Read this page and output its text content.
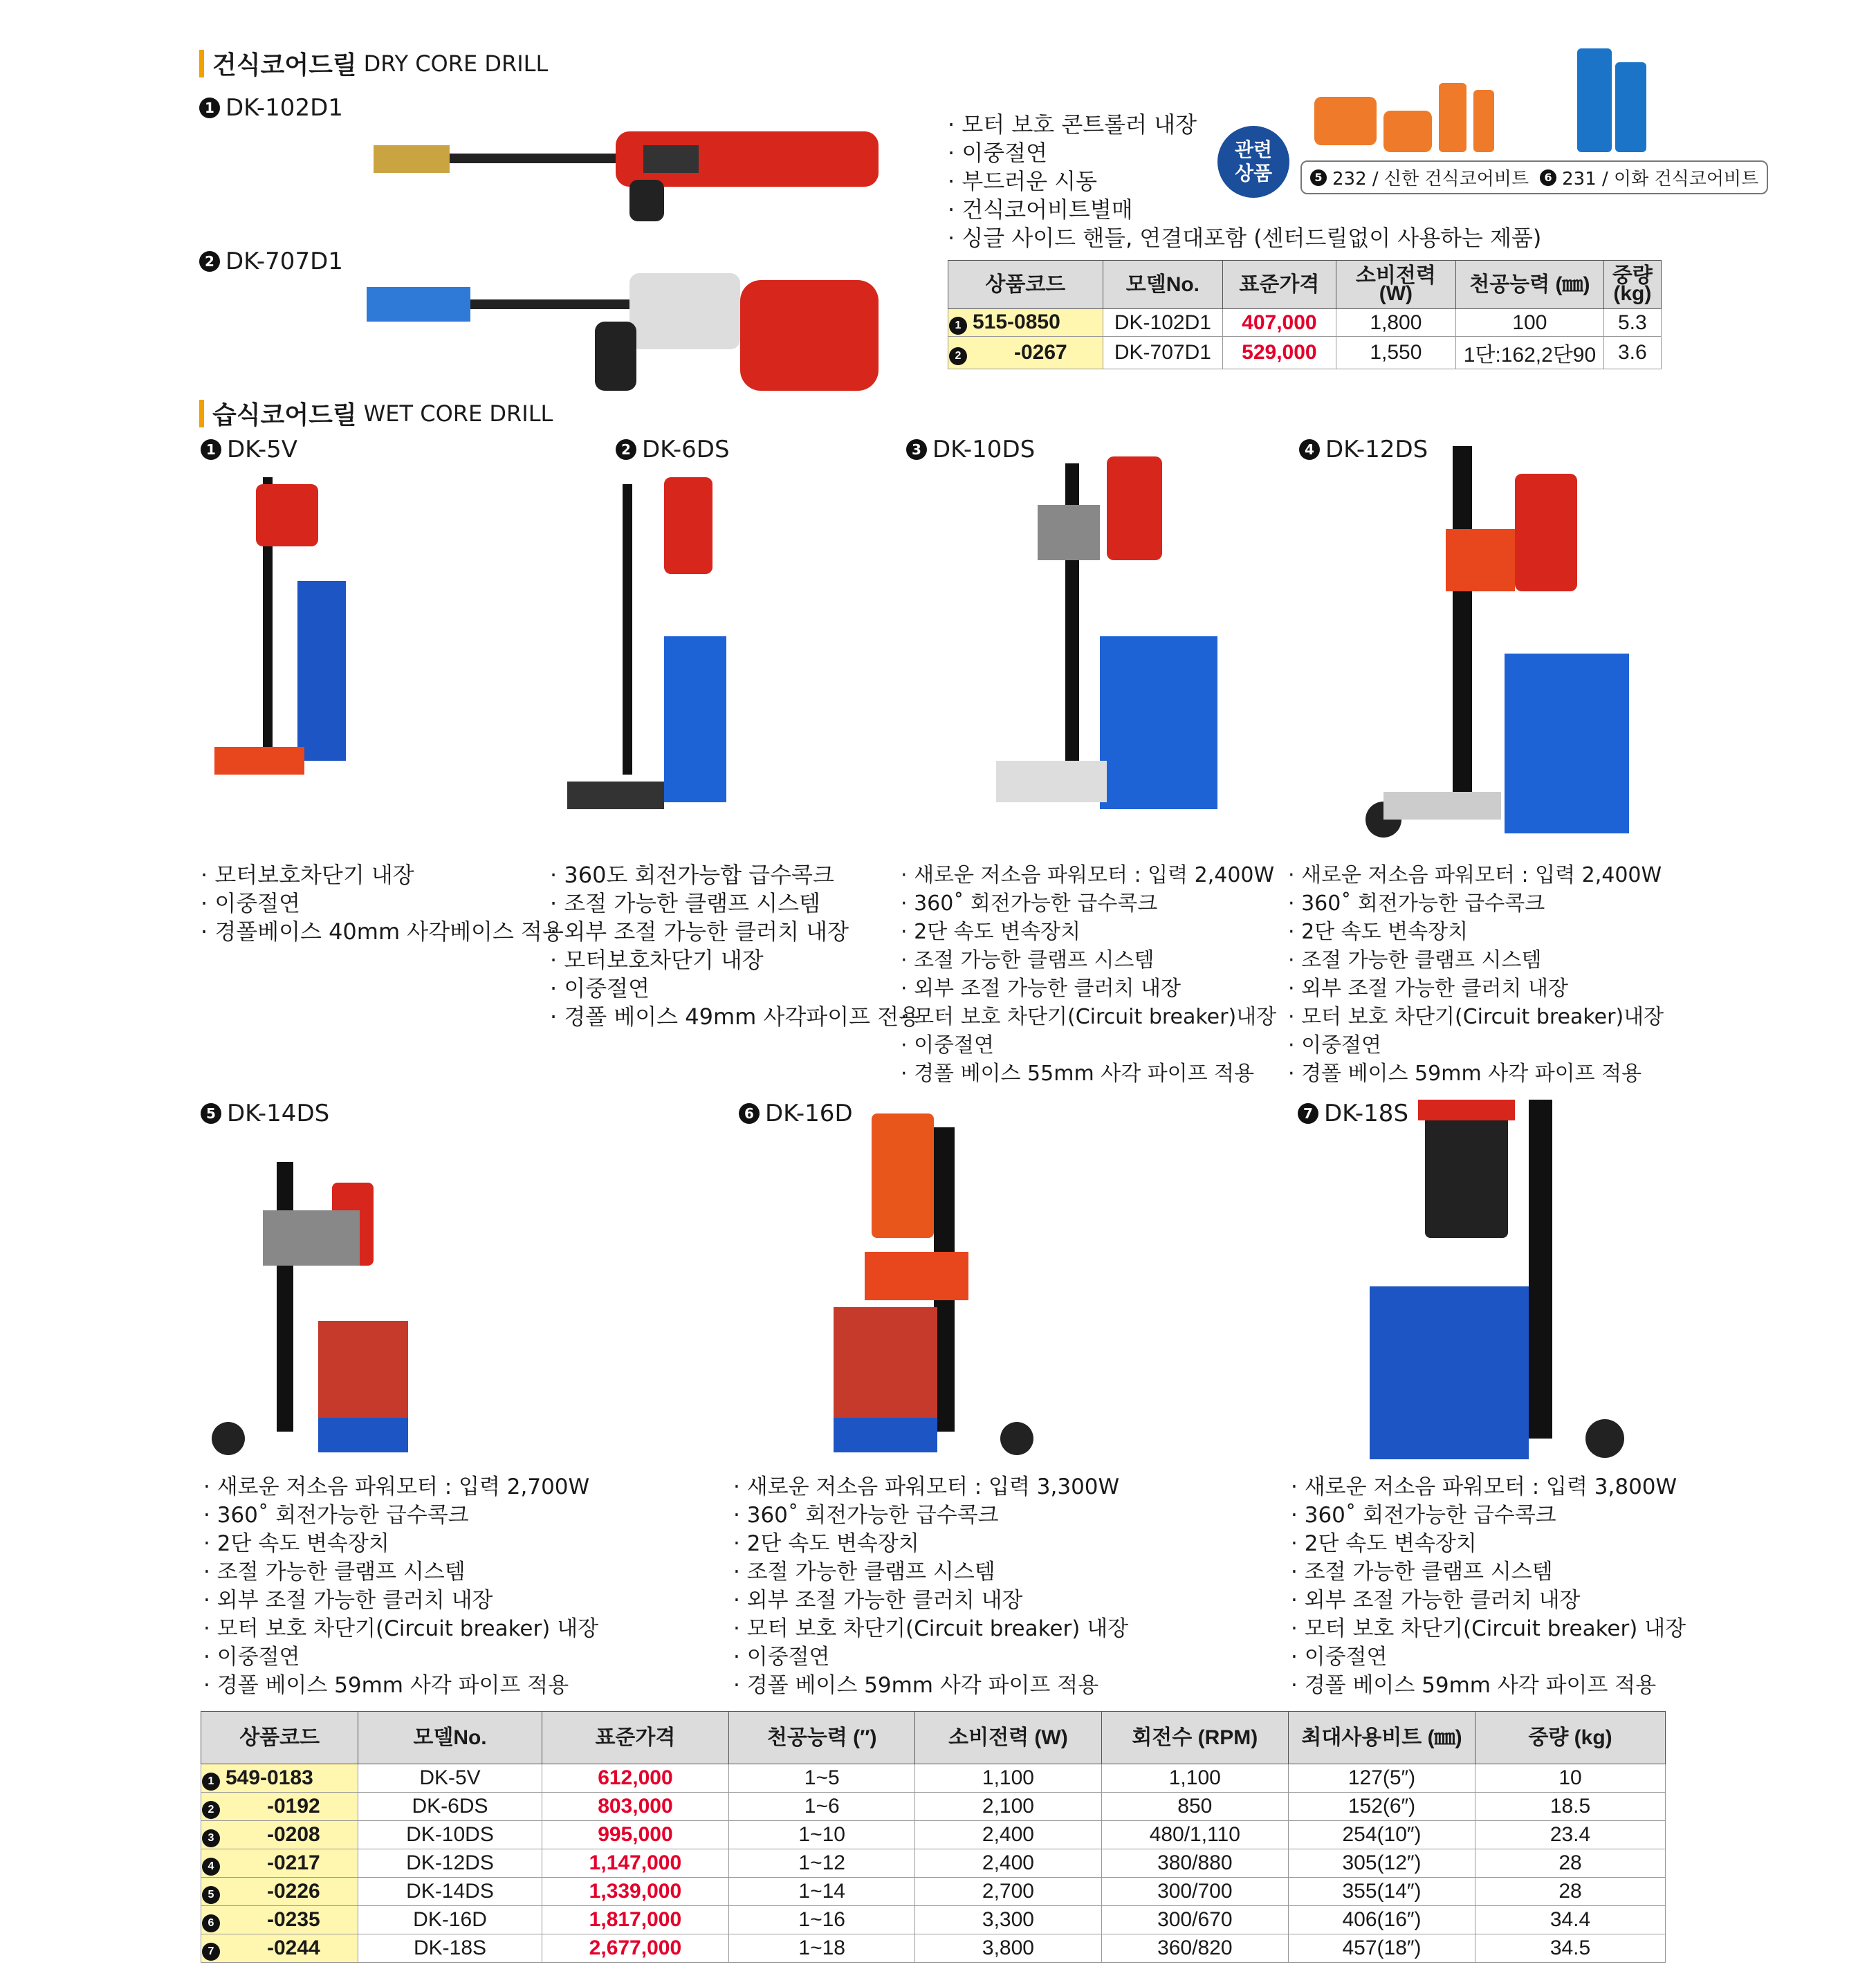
건식코어드릴 DRY CORE DRILL
1 DK-102D1
2 DK-707D1
· 모터 보호 콘트롤러 내장
· 이중절연
· 부드러운 시동
· 건식코어비트별매
· 싱글 사이드 핸들, 연결대포함 (센터드릴없이 사용하는 제품)
관련
상품	5 232 / 신한 건식코어비트	6 231 / 이화 건식코어비트
상품코드	모델No.	표준가격	소비전력 (W)	천공능력 (㎜)	중량 (kg)
1 515-0850	DK-102D1	407,000	1,800	100	5.3
2 -0267	DK-707D1	529,000	1,550	1단:162,2단90	3.6
습식코어드릴 WET CORE DRILL
1 DK-5V	2 DK-6DS	3 DK-10DS	4 DK-12DS
· 모터보호차단기 내장
· 이중절연
· 경폴베이스 40mm 사각베이스 적용
· 360도 회전가능합 급수콕크
· 조절 가능한 클램프 시스템
· 외부 조절 가능한 클러치 내장
· 모터보호차단기 내장
· 이중절연
· 경폴 베이스 49mm 사각파이프 전용
· 새로운 저소음 파워모터 : 입력 2,400W
· 360˚ 회전가능한 급수콕크
· 2단 속도 변속장치
· 조절 가능한 클램프 시스템
· 외부 조절 가능한 클러치 내장
· 모터 보호 차단기(Circuit breaker)내장
· 이중절연
· 경폴 베이스 55mm 사각 파이프 적용
· 새로운 저소음 파워모터 : 입력 2,400W
· 360˚ 회전가능한 급수콕크
· 2단 속도 변속장치
· 조절 가능한 클램프 시스템
· 외부 조절 가능한 클러치 내장
· 모터 보호 차단기(Circuit breaker)내장
· 이중절연
· 경폴 베이스 59mm 사각 파이프 적용
5 DK-14DS	6 DK-16D	7 DK-18S
· 새로운 저소음 파워모터 : 입력 2,700W
· 360˚ 회전가능한 급수콕크
· 2단 속도 변속장치
· 조절 가능한 클램프 시스템
· 외부 조절 가능한 클러치 내장
· 모터 보호 차단기(Circuit breaker) 내장
· 이중절연
· 경폴 베이스 59mm 사각 파이프 적용
· 새로운 저소음 파워모터 : 입력 3,300W
· 360˚ 회전가능한 급수콕크
· 2단 속도 변속장치
· 조절 가능한 클램프 시스템
· 외부 조절 가능한 클러치 내장
· 모터 보호 차단기(Circuit breaker) 내장
· 이중절연
· 경폴 베이스 59mm 사각 파이프 적용
· 새로운 저소음 파워모터 : 입력 3,800W
· 360˚ 회전가능한 급수콕크
· 2단 속도 변속장치
· 조절 가능한 클램프 시스템
· 외부 조절 가능한 클러치 내장
· 모터 보호 차단기(Circuit breaker) 내장
· 이중절연
· 경폴 베이스 59mm 사각 파이프 적용
상품코드	모델No.	표준가격	천공능력 (″)	소비전력 (W)	회전수 (RPM)	최대사용비트 (㎜)	중량 (kg)
1 549-0183	DK-5V	612,000	1~5	1,100	1,100	127(5″)	10
2 -0192	DK-6DS	803,000	1~6	2,100	850	152(6″)	18.5
3 -0208	DK-10DS	995,000	1~10	2,400	480/1,110	254(10″)	23.4
4 -0217	DK-12DS	1,147,000	1~12	2,400	380/880	305(12″)	28
5 -0226	DK-14DS	1,339,000	1~14	2,700	300/700	355(14″)	28
6 -0235	DK-16D	1,817,000	1~16	3,300	300/670	406(16″)	34.4
7 -0244	DK-18S	2,677,000	1~18	3,800	360/820	457(18″)	34.5
